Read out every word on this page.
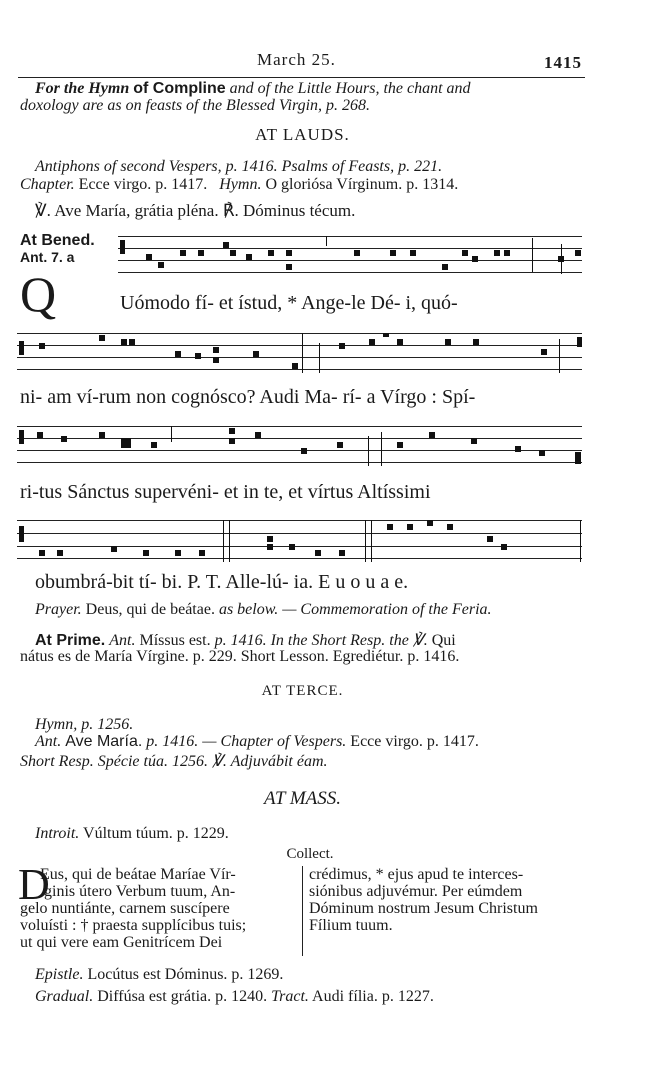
March 25.	1415
For the Hymn of Compline and of the Little Hours, the chant and
doxology are as on feasts of the Blessed Virgin, p. 268.
AT LAUDS.
Antiphons of second Vespers, p. 1416. Psalms of Feasts, p. 221.
Chapter. Ecce virgo. p. 1417. Hymn. O gloriósa Vírginum. p. 1314.
℣. Ave María, grátia pléna. ℟. Dóminus técum.
At Bened.
Ant. 7. a
Q	Uómodo fí- et ístud, * Ange-le Dé- i, quó-
ni- am ví-rum non cognósco? Audi Ma- rí- a Vírgo : Spí-
ri-tus Sánctus supervéni- et in te, et vírtus Altíssimi
obumbrá-bit tí- bi. P. T. Alle-lú- ia. E u o u a e.
Prayer. Deus, qui de beátae. as below. — Commemoration of the Feria.
At Prime. Ant. Míssus est. p. 1416. In the Short Resp. the ℣. Qui
nátus es de María Vírgine. p. 229. Short Lesson. Egrediétur. p. 1416.
AT TERCE.
Hymn, p. 1256.
Ant. Ave María. p. 1416. — Chapter of Vespers. Ecce virgo. p. 1417.
Short Resp. Spécie túa. 1256. ℣. Adjuvábit éam.
AT MASS.
Introit. Vúltum túum. p. 1229.
Collect.
D
Eus, qui de beátae Maríae Vír-
ginis útero Verbum tuum, An-
gelo nuntiánte, carnem suscípere
voluísti : † praesta supplícibus tuis;
ut qui vere eam Genitrícem Dei
crédimus, * ejus apud te interces-
siónibus adjuvémur. Per eúmdem
Dóminum nostrum Jesum Christum
Fílium tuum.
Epistle. Locútus est Dóminus. p. 1269.
Gradual. Diffúsa est grátia. p. 1240. Tract. Audi fília. p. 1227.
